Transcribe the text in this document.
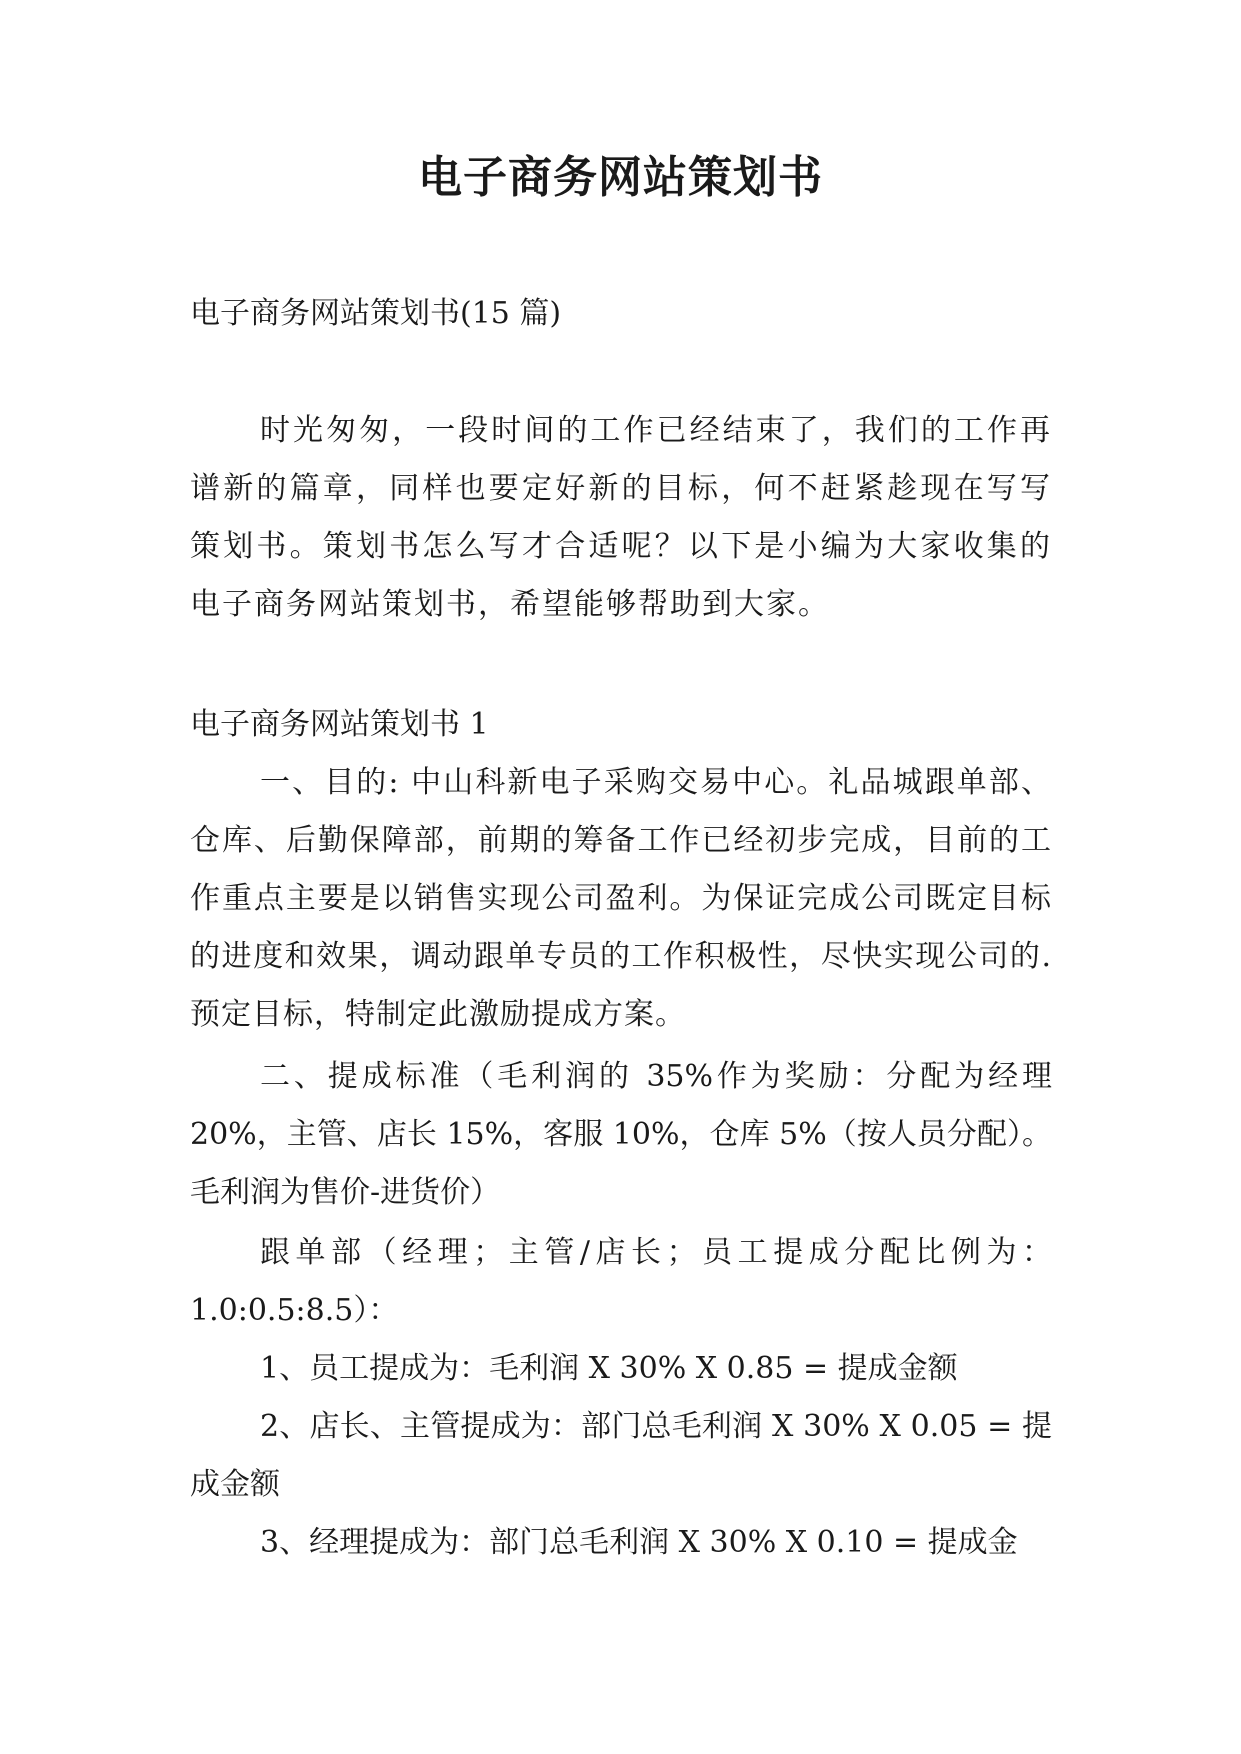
电子商务网站策划书
电子商务网站策划书(15 篇)

时光匆匆，一段时间的工作已经结束了，我们的工作再谱新的篇章，同样也要定好新的目标，何不赶紧趁现在写写策划书。策划书怎么写才合适呢？以下是小编为大家收集的电子商务网站策划书，希望能够帮助到大家。

电子商务网站策划书 1

一、目的: 中山科新电子采购交易中心。礼品城跟单部、仓库、后勤保障部，前期的筹备工作已经初步完成，目前的工作重点主要是以销售实现公司盈利。为保证完成公司既定目标的进度和效果，调动跟单专员的工作积极性，尽快实现公司的.预定目标，特制定此激励提成方案。

二、提成标准（毛利润的 35%作为奖励：分配为经理 20%，主管、店长 15%，客服 10%，仓库 5%（按人员分配）。毛利润为售价-进货价）

跟单部（经理；主管/店长；员工提成分配比例为：1.0:0.5:8.5）：

1、员工提成为：毛利润 X 30% X 0.85 = 提成金额

2、店长、主管提成为：部门总毛利润 X 30% X 0.05 = 提成金额

3、经理提成为：部门总毛利润 X 30% X 0.10 = 提成金
